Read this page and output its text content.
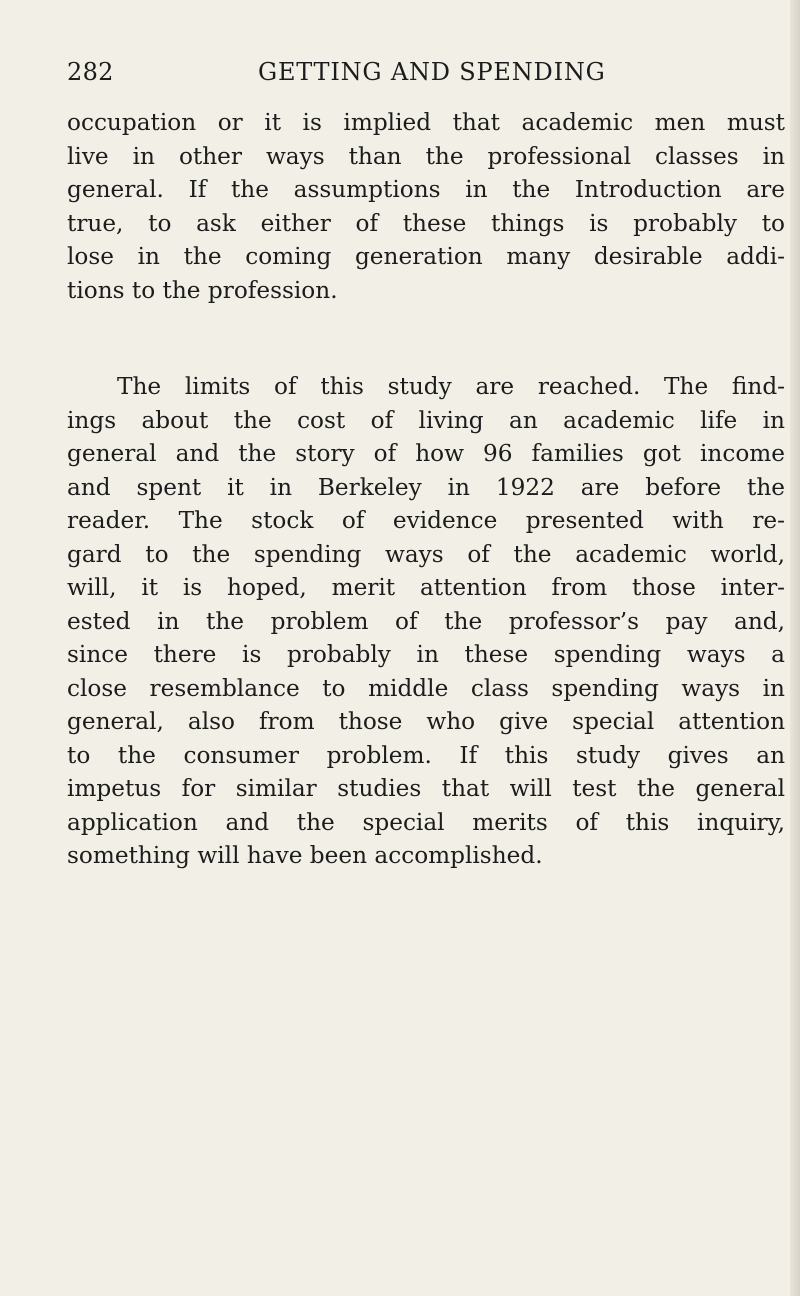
282	GETTING AND SPENDING

occupation or it is implied that academic men must
live in other ways than the professional classes in
general. If the assumptions in the Introduction are
true, to ask either of these things is probably to
lose in the coming generation many desirable addi-
tions to the profession.

The limits of this study are reached. The find-
ings about the cost of living an academic life in
general and the story of how 96 families got income
and spent it in Berkeley in 1922 are before the
reader. The stock of evidence presented with re-
gard to the spending ways of the academic world,
will, it is hoped, merit attention from those inter-
ested in the problem of the professor’s pay and,
since there is probably in these spending ways a
close resemblance to middle class spending ways in
general, also from those who give special attention
to the consumer problem. If this study gives an
impetus for similar studies that will test the general
application and the special merits of this inquiry,
something will have been accomplished.
